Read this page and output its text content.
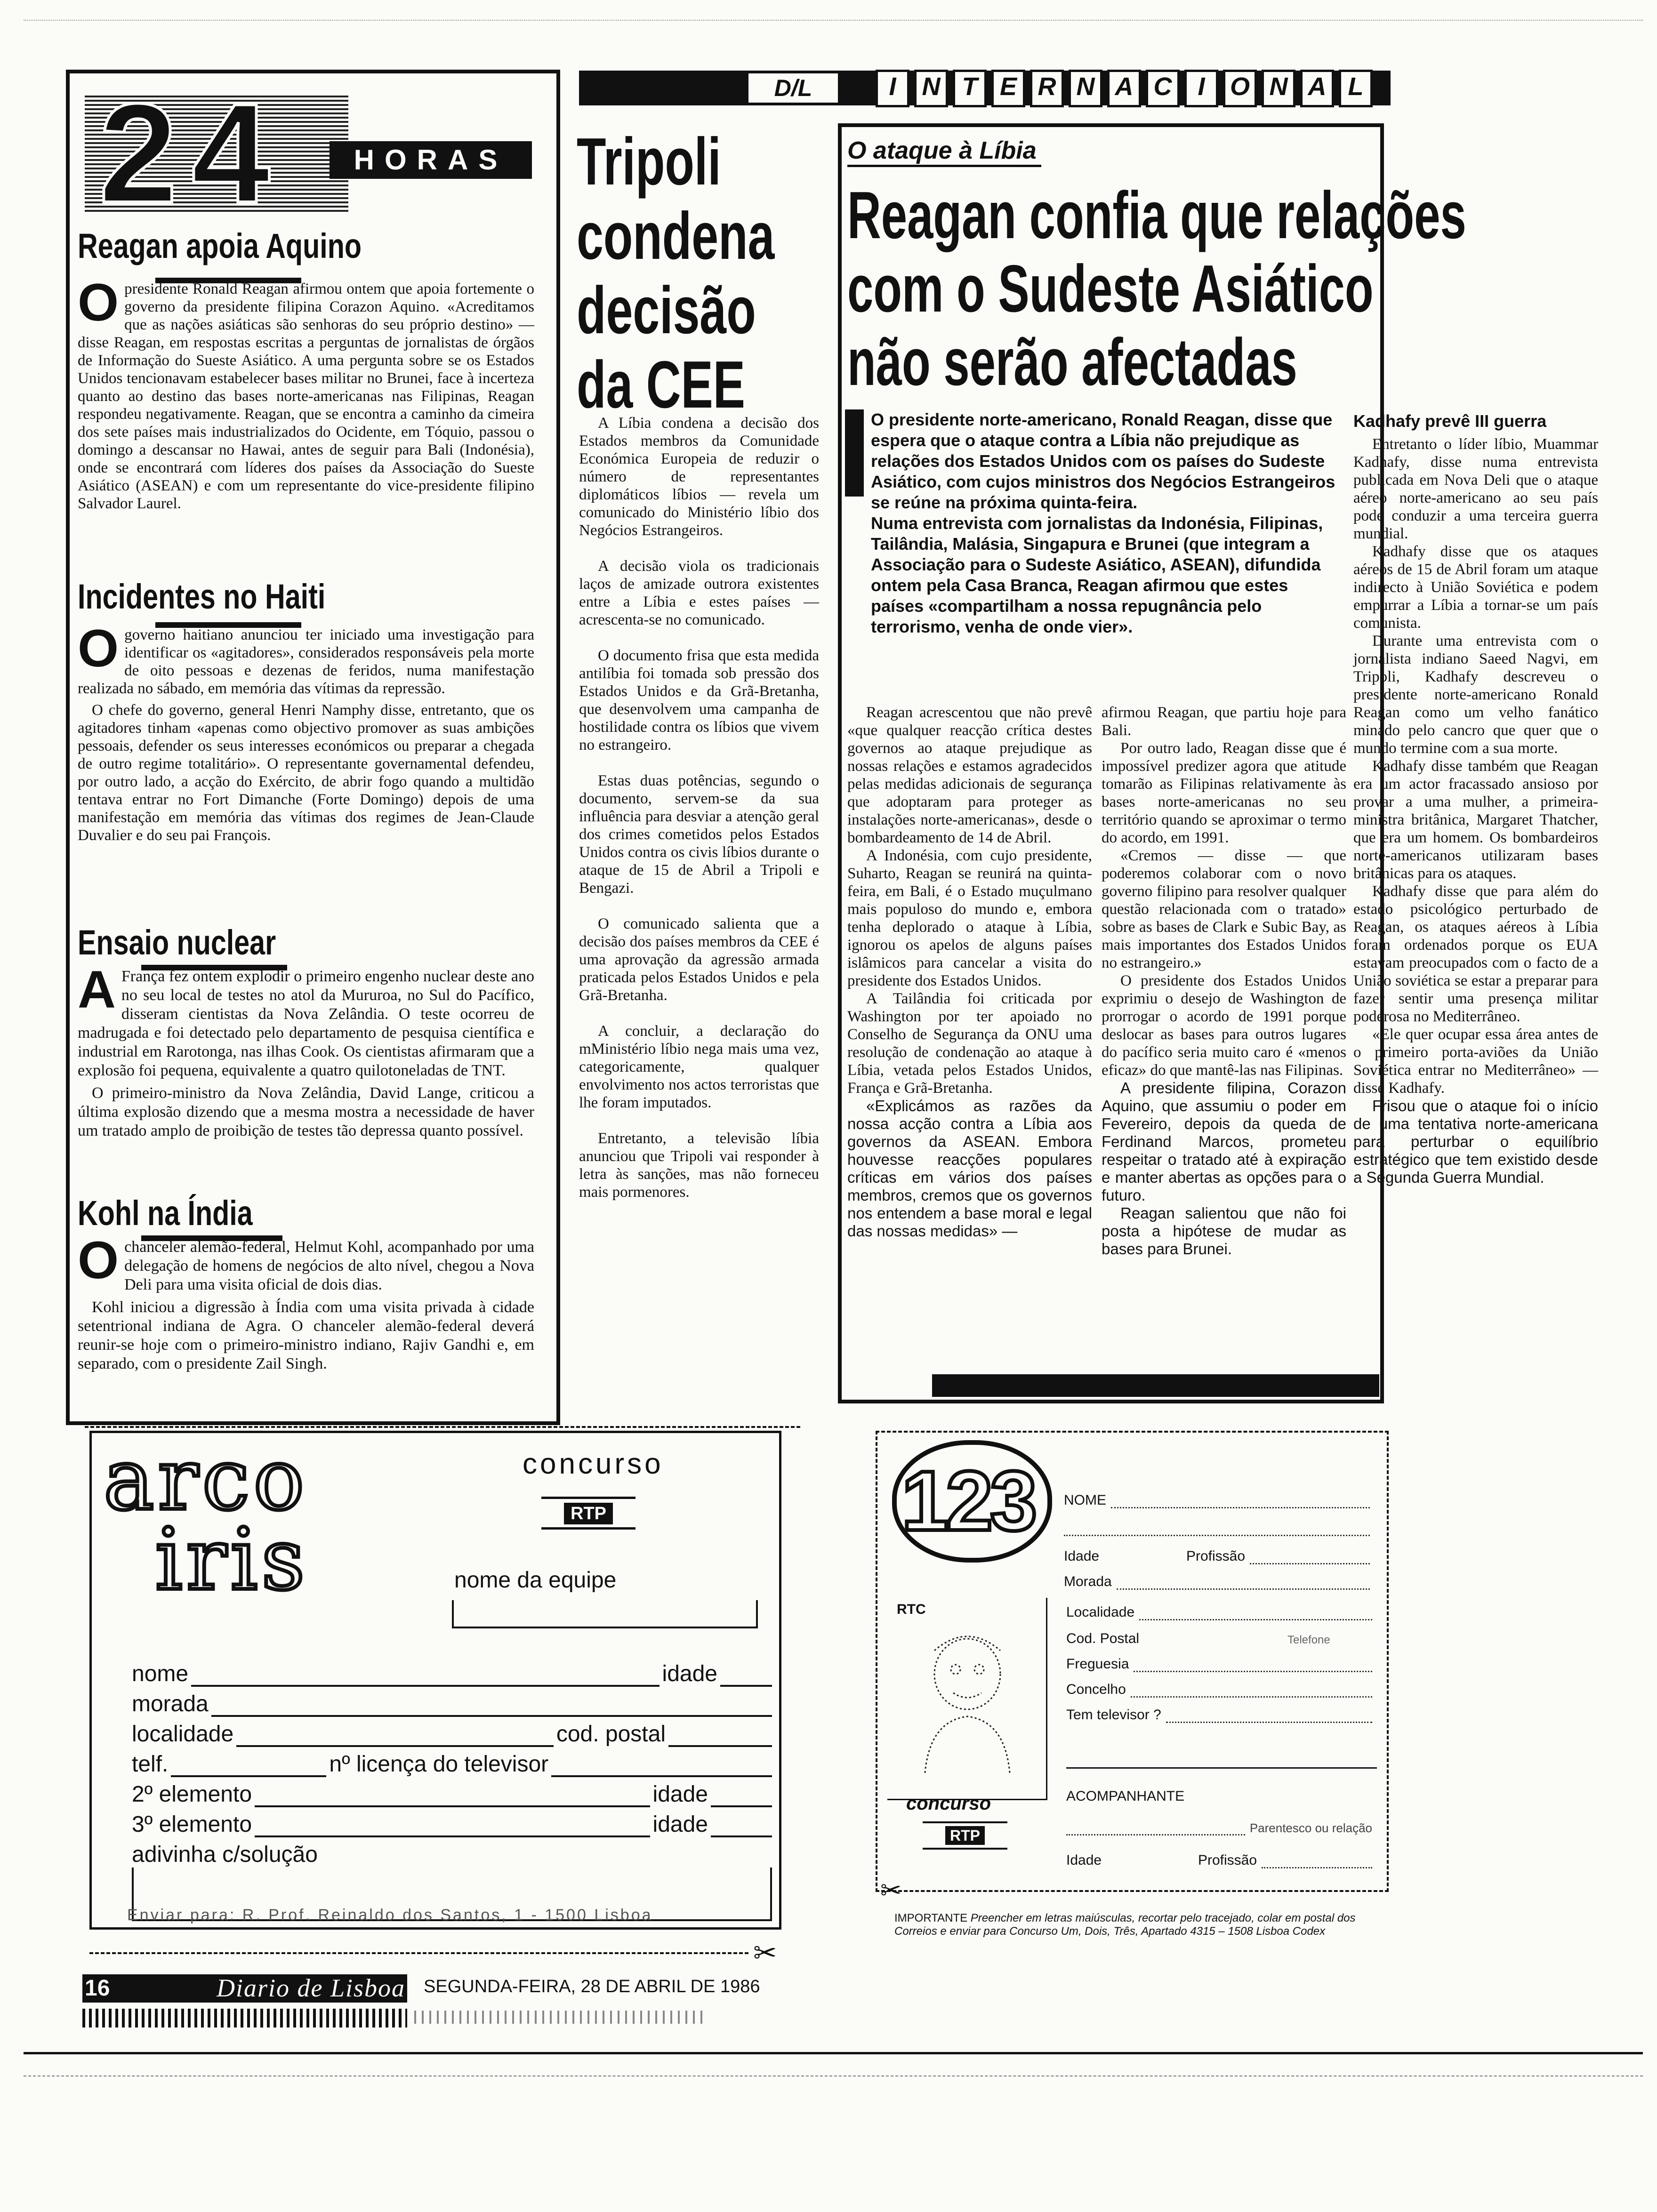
D/L	I N T E R N A C I O N A L
24	HORAS
Reagan apoia Aquino

Opresidente Ronald Reagan afirmou ontem que apoia fortemente o governo da presidente filipina Corazon Aquino. «Acreditamos que as nações asiáticas são senhoras do seu próprio destino» — disse Reagan, em respostas escritas a perguntas de jornalistas de órgãos de Informação do Sueste Asiático. A uma pergunta sobre se os Estados Unidos tencionavam estabelecer bases militar no Brunei, face à incerteza quanto ao destino das bases norte-americanas nas Filipinas, Reagan respondeu negativamente. Reagan, que se encontra a caminho da cimeira dos sete países mais industrializados do Ocidente, em Tóquio, passou o domingo a descansar no Hawai, antes de seguir para Bali (Indonésia), onde se encontrará com líderes dos países da Associação do Sueste Asiático (ASEAN) e com um representante do vice-presidente filipino Salvador Laurel.

Incidentes no Haiti

Ogoverno haitiano anunciou ter iniciado uma investigação para identificar os «agitadores», considerados responsáveis pela morte de oito pessoas e dezenas de feridos, numa manifestação realizada no sábado, em memória das vítimas da repressão.

O chefe do governo, general Henri Namphy disse, entretanto, que os agitadores tinham «apenas como objectivo promover as suas ambições pessoais, defender os seus interesses económicos ou preparar a chegada de outro regime totalitário». O representante governamental defendeu, por outro lado, a acção do Exército, de abrir fogo quando a multidão tentava entrar no Fort Dimanche (Forte Domingo) depois de uma manifestação em memória das vítimas dos regimes de Jean-Claude Duvalier e do seu pai François.

Ensaio nuclear

A França fez ontem explodir o primeiro engenho nuclear deste ano no seu local de testes no atol da Mururoa, no Sul do Pacífico, disseram cientistas da Nova Zelândia. O teste ocorreu de madrugada e foi detectado pelo departamento de pesquisa científica e industrial em Rarotonga, nas ilhas Cook. Os cientistas afirmaram que a explosão foi pequena, equivalente a quatro quilotoneladas de TNT.

O primeiro-ministro da Nova Zelândia, David Lange, criticou a última explosão dizendo que a mesma mostra a necessidade de haver um tratado amplo de proibição de testes tão depressa quanto possível.

Kohl na Índia

Ochanceler alemão-federal, Helmut Kohl, acompanhado por uma delegação de homens de negócios de alto nível, chegou a Nova Deli para uma visita oficial de dois dias.

Kohl iniciou a digressão à Índia com uma visita privada à cidade setentrional indiana de Agra. O chanceler alemão-federal deverá reunir-se hoje com o primeiro-ministro indiano, Rajiv Gandhi e, em separado, com o presidente Zail Singh.

Tripoli
condena
decisão
da CEE

A Líbia condena a decisão dos Estados membros da Comunidade Económica Europeia de reduzir o número de representantes diplomáticos líbios — revela um comunicado do Ministério líbio dos Negócios Estrangeiros.

A decisão viola os tradicionais laços de amizade outrora existentes entre a Líbia e estes países — acrescenta-se no comunicado.

O documento frisa que esta medida antilíbia foi tomada sob pressão dos Estados Unidos e da Grã-Bretanha, que desenvolvem uma campanha de hostilidade contra os líbios que vivem no estrangeiro.

Estas duas potências, segundo o documento, servem-se da sua influência para desviar a atenção geral dos crimes cometidos pelos Estados Unidos contra os civis líbios durante o ataque de 15 de Abril a Tripoli e Bengazi.

O comunicado salienta que a decisão dos países membros da CEE é uma aprovação da agressão armada praticada pelos Estados Unidos e pela Grã-Bretanha.

A concluir, a declaração do mMinistério líbio nega mais uma vez, categoricamente, qualquer envolvimento nos actos terroristas que lhe foram imputados.

Entretanto, a televisão líbia anunciou que Tripoli vai responder à letra às sanções, mas não forneceu mais pormenores.

O ataque à Líbia
Reagan confia que relações
com o Sudeste Asiático
não serão afectadas

O presidente norte-americano, Ronald Reagan, disse que espera que o ataque contra a Líbia não prejudique as relações dos Estados Unidos com os países do Sudeste Asiático, com cujos ministros dos Negócios Estrangeiros se reúne na próxima quinta-feira.

Numa entrevista com jornalistas da Indonésia, Filipinas, Tailândia, Malásia, Singapura e Brunei (que integram a Associação para o Sudeste Asiático, ASEAN), difundida ontem pela Casa Branca, Reagan afirmou que estes países «compartilham a nossa repugnância pelo terrorismo, venha de onde vier».

Kadhafy prevê III guerra

Reagan acrescentou que não prevê «que qualquer reacção crítica destes governos ao ataque prejudique as nossas relações e estamos agradecidos pelas medidas adicionais de segurança que adoptaram para proteger as instalações norte-americanas», desde o bombardeamento de 14 de Abril.

A Indonésia, com cujo presidente, Suharto, Reagan se reunirá na quinta-feira, em Bali, é o Estado muçulmano mais populoso do mundo e, embora tenha deplorado o ataque à Líbia, ignorou os apelos de alguns países islâmicos para cancelar a visita do presidente dos Estados Unidos.

A Tailândia foi criticada por Washington por ter apoiado no Conselho de Segurança da ONU uma resolução de condenação ao ataque à Líbia, vetada pelos Estados Unidos, França e Grã-Bretanha.

«Explicámos as razões da nossa acção contra a Líbia aos governos da ASEAN. Embora houvesse reacções populares críticas em vários dos países membros, cremos que os governos nos entendem a base moral e legal das nossas medidas» —

afirmou Reagan, que partiu hoje para Bali.

Por outro lado, Reagan disse que é impossível predizer agora que atitude tomarão as Filipinas relativamente às bases norte-americanas no seu território quando se aproximar o termo do acordo, em 1991.

«Cremos — disse — que poderemos colaborar com o novo governo filipino para resolver qualquer questão relacionada com o tratado» sobre as bases de Clark e Subic Bay, as mais importantes dos Estados Unidos no estrangeiro.»

O presidente dos Estados Unidos exprimiu o desejo de Washington de prorrogar o acordo de 1991 porque deslocar as bases para outros lugares do pacífico seria muito caro é «menos eficaz» do que mantê-las nas Filipinas.

A presidente filipina, Corazon Aquino, que assumiu o poder em Fevereiro, depois da queda de Ferdinand Marcos, prometeu respeitar o tratado até à expiração e manter abertas as opções para o futuro.

Reagan salientou que não foi posta a hipótese de mudar as bases para Brunei.

Entretanto o líder líbio, Muammar Kadhafy, disse numa entrevista publicada em Nova Deli que o ataque aéreo norte-americano ao seu país pode conduzir a uma terceira guerra mundial.

Kadhafy disse que os ataques aéreos de 15 de Abril foram um ataque indirecto à União Soviética e podem empurrar a Líbia a tornar-se um país comunista.

Durante uma entrevista com o jornalista indiano Saeed Nagvi, em Tripoli, Kadhafy descreveu o presidente norte-americano Ronald Reagan como um velho fanático minado pelo cancro que quer que o mundo termine com a sua morte.

Kadhafy disse também que Reagan era um actor fracassado ansioso por provar a uma mulher, a primeira-ministra britânica, Margaret Thatcher, que era um homem. Os bombardeiros norte-americanos utilizaram bases britânicas para os ataques.

Kadhafy disse que para além do estado psicológico perturbado de Reagan, os ataques aéreos à Líbia foram ordenados porque os EUA estavam preocupados com o facto de a União soviética se estar a preparar para fazer sentir uma presença militar poderosa no Mediterrâneo.

«Ele quer ocupar essa área antes de o primeiro porta-aviões da União Soviética entrar no Mediterrâneo» — disse Kadhafy.

Frisou que o ataque foi o início de uma tentativa norte-americana para perturbar o equilíbrio estratégico que tem existido desde a Segunda Guerra Mundial.

arco
iris
concurso
RTP
nome da equipe
nome	idade
morada
localidade	cod. postal
telf.	nº licença do televisor
2º elemento	idade
3º elemento	idade
adivinha c/solução
Enviar para: R. Prof. Reinaldo dos Santos, 1 - 1500 Lisboa
✂
123 NOME
Idade	Profissão
Morada
RTC	Localidade
Cod. Postal	Telefone
Freguesia
Concelho
Tem televisor ?
concurso
RTP
ACOMPANHANTE
Parentesco ou relação
Idade	Profissão
✂
IMPORTANTE Preencher em letras maiúsculas, recortar pelo tracejado, colar em postal dos Correios e enviar para Concurso Um, Dois, Três, Apartado 4315 – 1508 Lisboa Codex
16	Diario de Lisboa SEGUNDA-FEIRA, 28 DE ABRIL DE 1986
